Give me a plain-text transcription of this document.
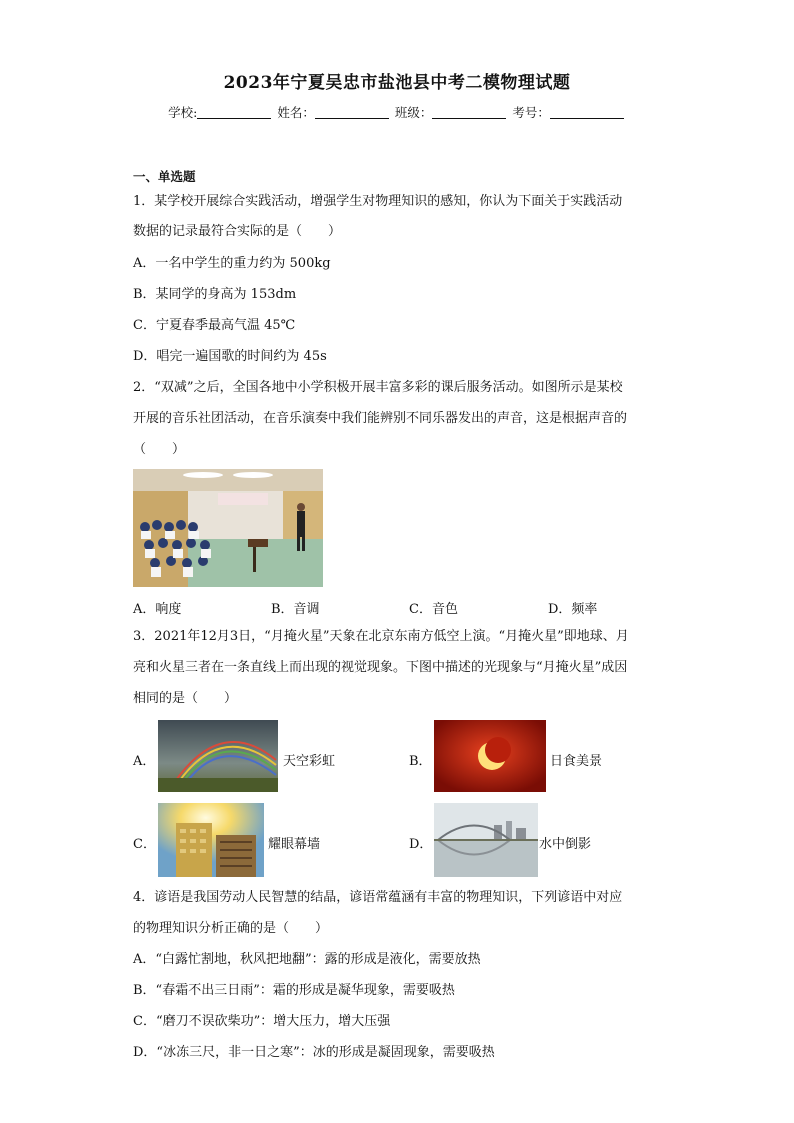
2023年宁夏吴忠市盐池县中考二模物理试题
学校:	姓名：	班级：	考号：
一、单选题
1．某学校开展综合实践活动，增强学生对物理知识的感知，你认为下面关于实践活动
数据的记录最符合实际的是（　　）
A．一名中学生的重力约为 500kg
B．某同学的身高为 153dm
C．宁夏春季最高气温 45℃
D．唱完一遍国歌的时间约为 45s
2．“双减”之后，全国各地中小学积极开展丰富多彩的课后服务活动。如图所示是某校
开展的音乐社团活动，在音乐演奏中我们能辨别不同乐器发出的声音，这是根据声音的
（　　）
A．响度	B．音调	C．音色	D．频率
3．2021年12月3日，“月掩火星”天象在北京东南方低空上演。“月掩火星”即地球、月
亮和火星三者在一条直线上而出现的视觉现象。下图中描述的光现象与“月掩火星”成因
相同的是（　　）
A．	天空彩虹	B．	日食美景
C．	耀眼幕墙	D．	水中倒影
4．谚语是我国劳动人民智慧的结晶，谚语常蕴涵有丰富的物理知识，下列谚语中对应
的物理知识分析正确的是（　　）
A．“白露忙割地，秋风把地翻”：露的形成是液化，需要放热
B．“春霜不出三日雨”：霜的形成是凝华现象，需要吸热
C．“磨刀不误砍柴功”：增大压力，增大压强
D．“冰冻三尺，非一日之寒”：冰的形成是凝固现象，需要吸热
